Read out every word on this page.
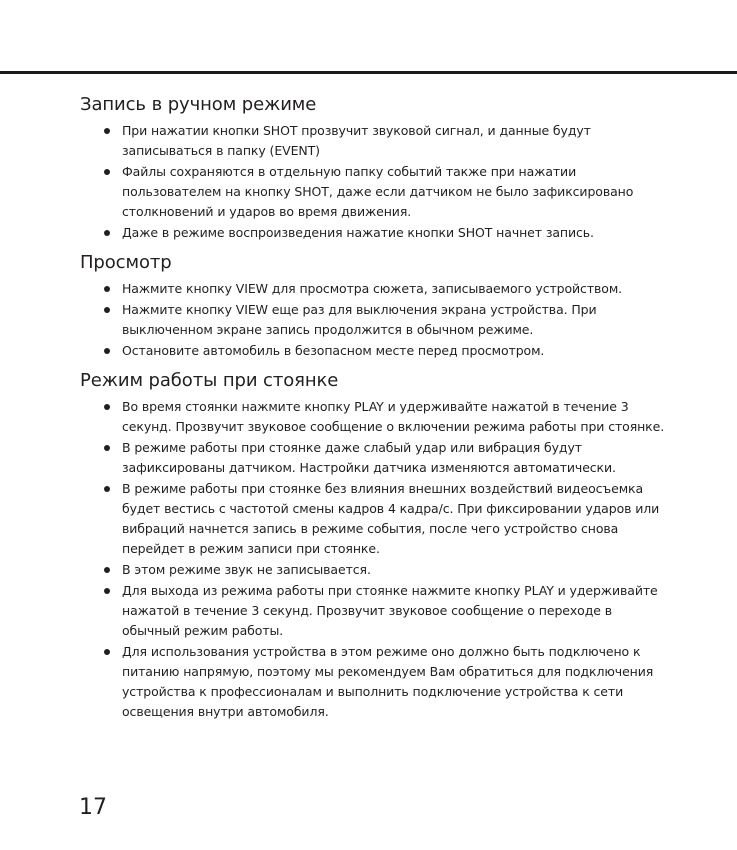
Запись в ручном режиме
При нажатии кнопки SHOT прозвучит звуковой сигнал, и данные будут записываться в папку (EVENT)
Файлы сохраняются в отдельную папку событий также при нажатии пользователем на кнопку SHOT, даже если датчиком не было зафиксировано столкновений и ударов во время движения.
Даже в режиме воспроизведения нажатие кнопки SHOT начнет запись.
Просмотр
Нажмите кнопку VIEW для просмотра сюжета, записываемого устройством.
Нажмите кнопку VIEW еще раз для выключения экрана устройства. При выключенном экране запись продолжится в обычном режиме.
Остановите автомобиль в безопасном месте перед просмотром.
Режим работы при стоянке
Во время стоянки нажмите кнопку PLAY и удерживайте нажатой в течение 3 секунд. Прозвучит звуковое сообщение о включении режима работы при стоянке.
В режиме работы при стоянке даже слабый удар или вибрация будут зафиксированы датчиком. Настройки датчика изменяются автоматически.
В режиме работы при стоянке без влияния внешних воздействий видеосъемка будет вестись с частотой смены кадров 4 кадра/с. При фиксировании ударов или вибраций начнется запись в режиме события, после чего устройство снова перейдет в режим записи при стоянке.
В этом режиме звук не записывается.
Для выхода из режима работы при стоянке нажмите кнопку PLAY и удерживайте нажатой в течение 3 секунд. Прозвучит звуковое сообщение о переходе в обычный режим работы.
Для использования устройства в этом режиме оно должно быть подключено к питанию напрямую, поэтому мы рекомендуем Вам обратиться для подключения устройства к профессионалам и выполнить подключение устройства к сети освещения внутри автомобиля.
17
